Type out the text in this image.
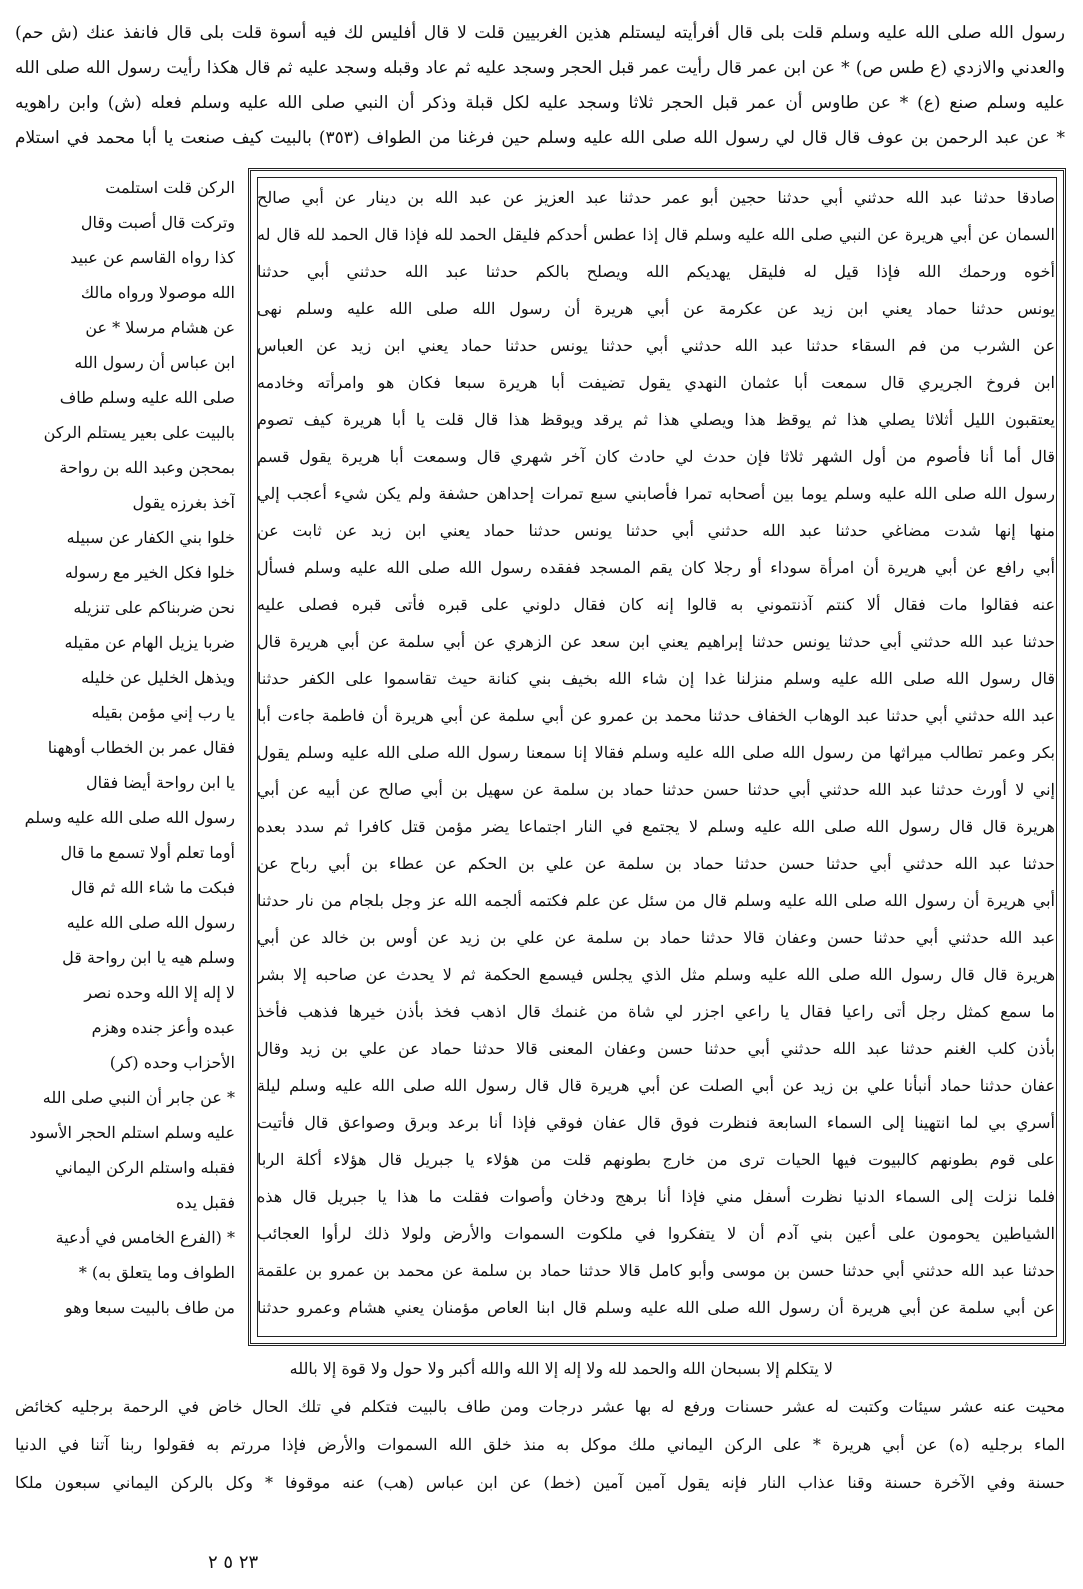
رسول الله صلى الله عليه وسلم قلت بلى قال أفرأيته ليستلم هذين الغربيين قلت لا قال أفليس لك فيه أسوة قلت بلى قال فانفذ عنك (ش حم)
والعدني والازدي (ع طس ص) * عن ابن عمر قال رأيت عمر قبل الحجر وسجد عليه ثم عاد وقبله وسجد عليه ثم قال هكذا رأيت رسول الله صلى الله
عليه وسلم صنع (ع) * عن طاوس أن عمر قبل الحجر ثلاثا وسجد عليه لكل قبلة وذكر أن النبي صلى الله عليه وسلم فعله (ش) وابن راهويه
* عن عبد الرحمن بن عوف قال قال لي رسول الله صلى الله عليه وسلم حين فرغنا من الطواف (٣٥٣) بالبيت كيف صنعت يا أبا محمد في استلام
صادقا حدثنا عبد الله حدثني أبي حدثنا حجين أبو عمر حدثنا عبد العزيز عن عبد الله بن دينار عن أبي صالح
السمان عن أبي هريرة عن النبي صلى الله عليه وسلم قال إذا عطس أحدكم فليقل الحمد لله فإذا قال الحمد لله قال له
أخوه ورحمك الله فإذا قيل له فليقل يهديكم الله ويصلح بالكم حدثنا عبد الله حدثني أبي حدثنا
يونس حدثنا حماد يعني ابن زيد عن عكرمة عن أبي هريرة أن رسول الله صلى الله عليه وسلم نهى
عن الشرب من فم السقاء حدثنا عبد الله حدثني أبي حدثنا يونس حدثنا حماد يعني ابن زيد عن العباس
ابن فروخ الجريري قال سمعت أبا عثمان النهدي يقول تضيفت أبا هريرة سبعا فكان هو وامرأته وخادمه
يعتقبون الليل أثلاثا يصلي هذا ثم يوقظ هذا ويصلي هذا ثم يرقد ويوقظ هذا قال قلت يا أبا هريرة كيف تصوم
قال أما أنا فأصوم من أول الشهر ثلاثا فإن حدث لي حادث كان آخر شهري قال وسمعت أبا هريرة يقول قسم
رسول الله صلى الله عليه وسلم يوما بين أصحابه تمرا فأصابني سبع تمرات إحداهن حشفة ولم يكن شيء أعجب إلي
منها إنها شدت مضاغي حدثنا عبد الله حدثني أبي حدثنا يونس حدثنا حماد يعني ابن زيد عن ثابت عن
أبي رافع عن أبي هريرة أن امرأة سوداء أو رجلا كان يقم المسجد ففقده رسول الله صلى الله عليه وسلم فسأل
عنه فقالوا مات فقال ألا كنتم آذنتموني به قالوا إنه كان فقال دلوني على قبره فأتى قبره فصلى عليه
حدثنا عبد الله حدثني أبي حدثنا يونس حدثنا إبراهيم يعني ابن سعد عن الزهري عن أبي سلمة عن أبي هريرة قال
قال رسول الله صلى الله عليه وسلم منزلنا غدا إن شاء الله بخيف بني كنانة حيث تقاسموا على الكفر حدثنا
عبد الله حدثني أبي حدثنا عبد الوهاب الخفاف حدثنا محمد بن عمرو عن أبي سلمة عن أبي هريرة أن فاطمة جاءت أبا
بكر وعمر تطالب ميراثها من رسول الله صلى الله عليه وسلم فقالا إنا سمعنا رسول الله صلى الله عليه وسلم يقول
إني لا أورث حدثنا عبد الله حدثني أبي حدثنا حسن حدثنا حماد بن سلمة عن سهيل بن أبي صالح عن أبيه عن أبي
هريرة قال قال رسول الله صلى الله عليه وسلم لا يجتمع في النار اجتماعا يضر مؤمن قتل كافرا ثم سدد بعده
حدثنا عبد الله حدثني أبي حدثنا حسن حدثنا حماد بن سلمة عن علي بن الحكم عن عطاء بن أبي رباح عن
أبي هريرة أن رسول الله صلى الله عليه وسلم قال من سئل عن علم فكتمه ألجمه الله عز وجل بلجام من نار حدثنا
عبد الله حدثني أبي حدثنا حسن وعفان قالا حدثنا حماد بن سلمة عن علي بن زيد عن أوس بن خالد عن أبي
هريرة قال قال رسول الله صلى الله عليه وسلم مثل الذي يجلس فيسمع الحكمة ثم لا يحدث عن صاحبه إلا بشر
ما سمع كمثل رجل أتى راعيا فقال يا راعي اجزر لي شاة من غنمك قال اذهب فخذ بأذن خيرها فذهب فأخذ
بأذن كلب الغنم حدثنا عبد الله حدثني أبي حدثنا حسن وعفان المعنى قالا حدثنا حماد عن علي بن زيد وقال
عفان حدثنا حماد أنبأنا علي بن زيد عن أبي الصلت عن أبي هريرة قال قال رسول الله صلى الله عليه وسلم ليلة
أسري بي لما انتهينا إلى السماء السابعة فنظرت فوق قال عفان فوقي فإذا أنا برعد وبرق وصواعق قال فأتيت
على قوم بطونهم كالبيوت فيها الحيات ترى من خارج بطونهم قلت من هؤلاء يا جبريل قال هؤلاء أكلة الربا
فلما نزلت إلى السماء الدنيا نظرت أسفل مني فإذا أنا برهج ودخان وأصوات فقلت ما هذا يا جبريل قال هذه
الشياطين يحومون على أعين بني آدم أن لا يتفكروا في ملكوت السموات والأرض ولولا ذلك لرأوا العجائب
حدثنا عبد الله حدثني أبي حدثنا حسن بن موسى وأبو كامل قالا حدثنا حماد بن سلمة عن محمد بن عمرو بن علقمة
عن أبي سلمة عن أبي هريرة أن رسول الله صلى الله عليه وسلم قال ابنا العاص مؤمنان يعني هشام وعمرو حدثنا
الركن قلت استلمت
وتركت قال أصبت وقال
كذا رواه القاسم عن عبيد
الله موصولا ورواه مالك
عن هشام مرسلا * عن
ابن عباس أن رسول الله
صلى الله عليه وسلم طاف
بالبيت على بعير يستلم الركن
بمحجن وعبد الله بن رواحة
آخذ بغرزه يقول
خلوا بني الكفار عن سبيله
خلوا فكل الخير مع رسوله
نحن ضربناكم على تنزيله
ضربا يزيل الهام عن مقيله
ويذهل الخليل عن خليله
يا رب إني مؤمن بقيله
فقال عمر بن الخطاب أوههنا
يا ابن رواحة أيضا فقال
رسول الله صلى الله عليه وسلم
أوما تعلم أولا تسمع ما قال
فبكت ما شاء الله ثم قال
رسول الله صلى الله عليه
وسلم هيه يا ابن رواحة قل
لا إله إلا الله وحده نصر
عبده وأعز جنده وهزم
الأحزاب وحده (كر)
* عن جابر أن النبي صلى الله
عليه وسلم استلم الحجر الأسود
فقبله واستلم الركن اليماني
فقبل يده
* (الفرع الخامس في أدعية
الطواف وما يتعلق به) *
من طاف بالبيت سبعا وهو
لا يتكلم إلا بسبحان الله والحمد لله ولا إله إلا الله والله أكبر ولا حول ولا قوة إلا بالله
محيت عنه عشر سيئات وكتبت له عشر حسنات ورفع له بها عشر درجات ومن طاف بالبيت فتكلم في تلك الحال خاض في الرحمة برجليه كخائض
الماء برجليه (ه) عن أبي هريرة * على الركن اليماني ملك موكل به منذ خلق الله السموات والأرض فإذا مررتم به فقولوا ربنا آتنا في الدنيا
حسنة وفي الآخرة حسنة وقنا عذاب النار فإنه يقول آمين آمين (خط) عن ابن عباس (هب) عنه موقوفا * وكل بالركن اليماني سبعون ملكا
٢٣ ٥ ٢
